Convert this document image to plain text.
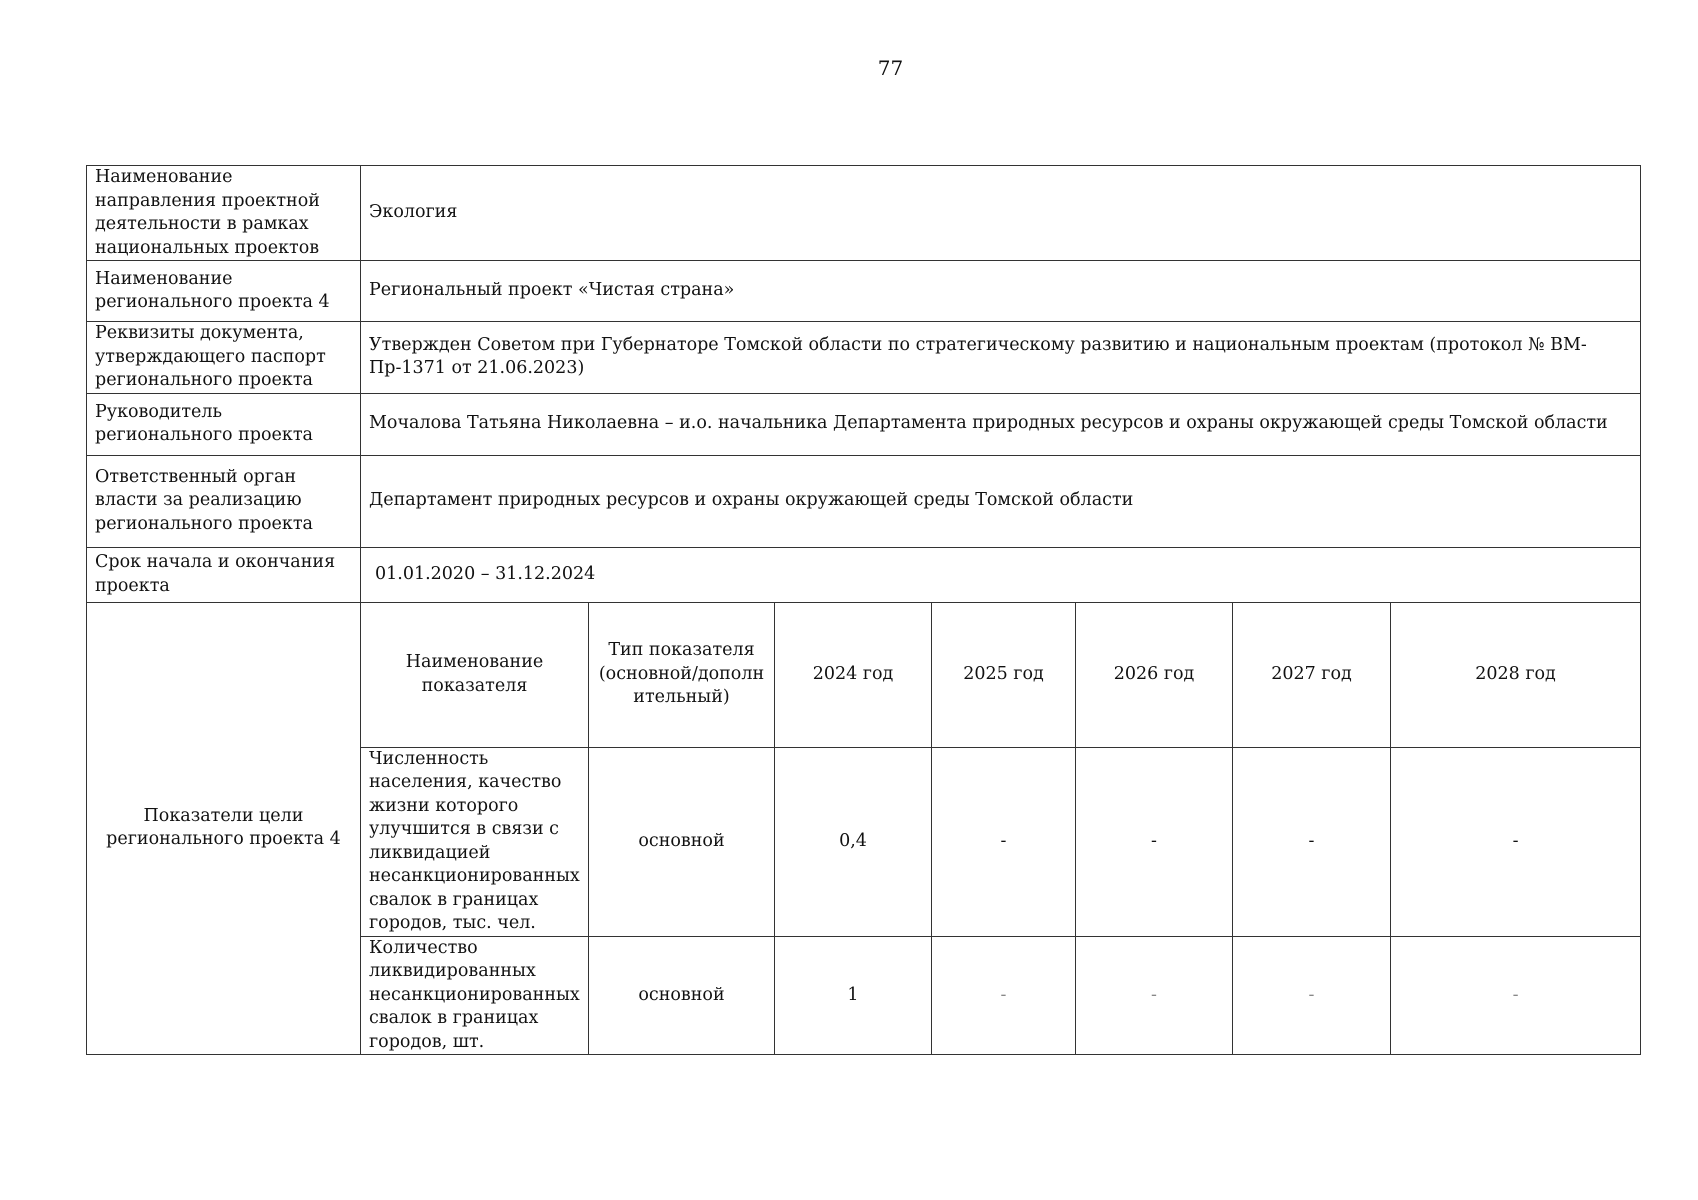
77
Наименование направления проектной деятельности в рамках национальных проектов	Экология						
Наименование регионального проекта 4	Региональный проект «Чистая страна»						
Реквизиты документа, утверждающего паспорт регионального проекта	Утвержден Советом при Губернаторе Томской области по стратегическому развитию и национальным проектам (протокол № ВМ-Пр-1371 от 21.06.2023)						
Руководитель регионального проекта	Мочалова Татьяна Николаевна – и.о. начальника Департамента природных ресурсов и охраны окружающей среды Томской области						
Ответственный орган власти за реализацию регионального проекта	Департамент природных ресурсов и охраны окружающей среды Томской области						
Срок начала и окончания проекта	01.01.2020 – 31.12.2024						
Показатели цели регионального проекта 4	Наименование показателя	Тип показателя (основной/дополн ительный)	2024 год	2025 год	2026 год	2027 год	2028 год
	Численность населения, качество жизни которого улучшится в связи с ликвидацией несанкционированных свалок в границах городов, тыс. чел.	основной	0,4	-	-	-	-
	Количество ликвидированных несанкционированных свалок в границах городов, шт.	основной	1	-	-	-	-
